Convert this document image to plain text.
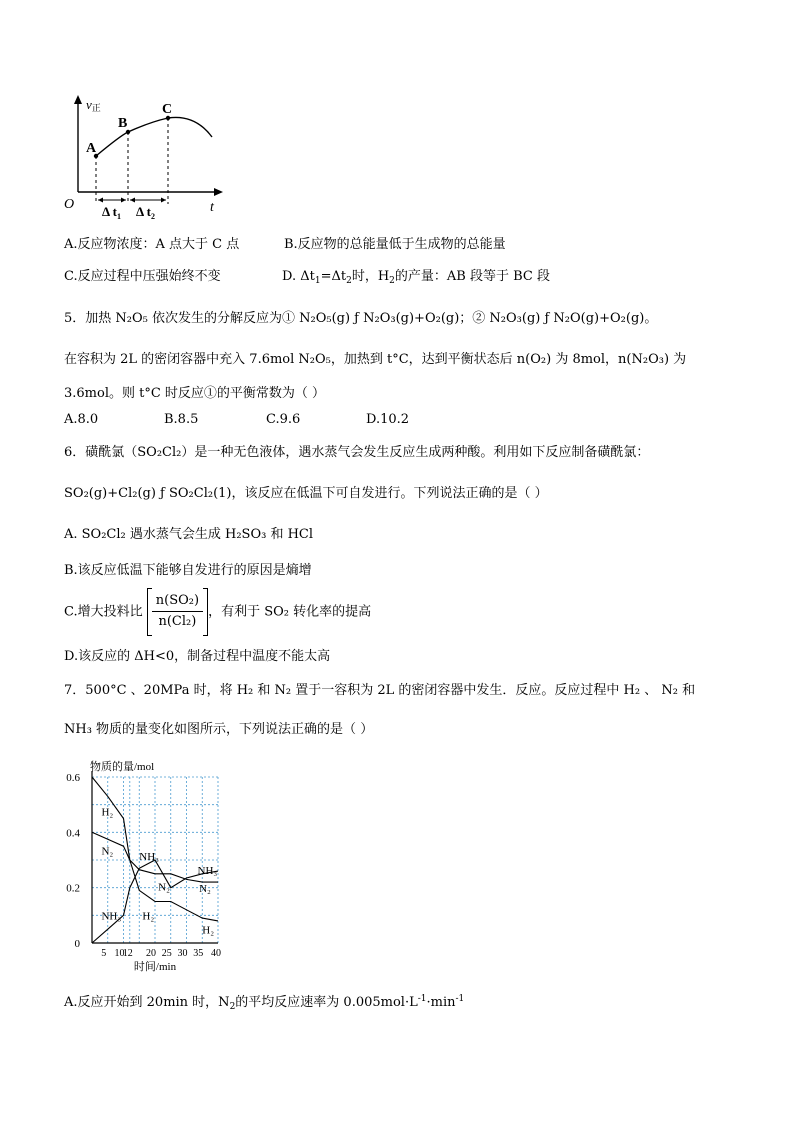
v正
O	t
A
B
C
Δ $t_1$ Δ $t_2$
A.反应物浓度：A 点大于 C 点	B.反应物的总能量低于生成物的总能量
C.反应过程中压强始终不变	D. $\Delta t_1=\Delta t_2$时，$H_2$的产量：AB 段等于 BC 段
5．加热 N₂O₅ 依次发生的分解反应为① N₂O₅(g) ƒ N₂O₃(g)+O₂(g)；② N₂O₃(g) ƒ N₂O(g)+O₂(g)。
在容积为 2L 的密闭容器中充入 7.6mol N₂O₅，加热到 t°C，达到平衡状态后 n(O₂) 为 8mol，n(N₂O₃) 为
3.6mol。则 t°C 时反应①的平衡常数为（ ）
A.8.0	B.8.5	C.9.6	D.10.2
6．磺酰氯（SO₂Cl₂）是一种无色液体，遇水蒸气会发生反应生成两种酸。利用如下反应制备磺酰氯：
SO₂(g)+Cl₂(g) ƒ SO₂Cl₂(1)，该反应在低温下可自发进行。下列说法正确的是（ ）
A. SO₂Cl₂ 遇水蒸气会生成 H₂SO₃ 和 HCl
B.该反应低温下能够自发进行的原因是熵增
C.增大投料比 $\frac{\text{n(SO₂)}}{\text{n(Cl₂)}}$ ，有利于 SO₂ 转化率的提高
D.该反应的 ΔH<0，制备过程中温度不能太高
7．500°C 、20MPa 时，将 H₂ 和 N₂ 置于一容积为 2L 的密闭容器中发生．反应。反应过程中 H₂ 、 N₂ 和
NH₃ 物质的量变化如图所示，下列说法正确的是（ ）
物质的量/mol
0
0.2
0.4
0.6
5 10
12 20 25 30 35 40
时间/min
H₂
N₂ NH₃
NH₃ H₂
N₂
NH₃
N₂
H₂
A.反应开始到 20min 时，$N_2$的平均反应速率为 $0.005mol\cdot L^{-1}\cdot\min^{-1}$
